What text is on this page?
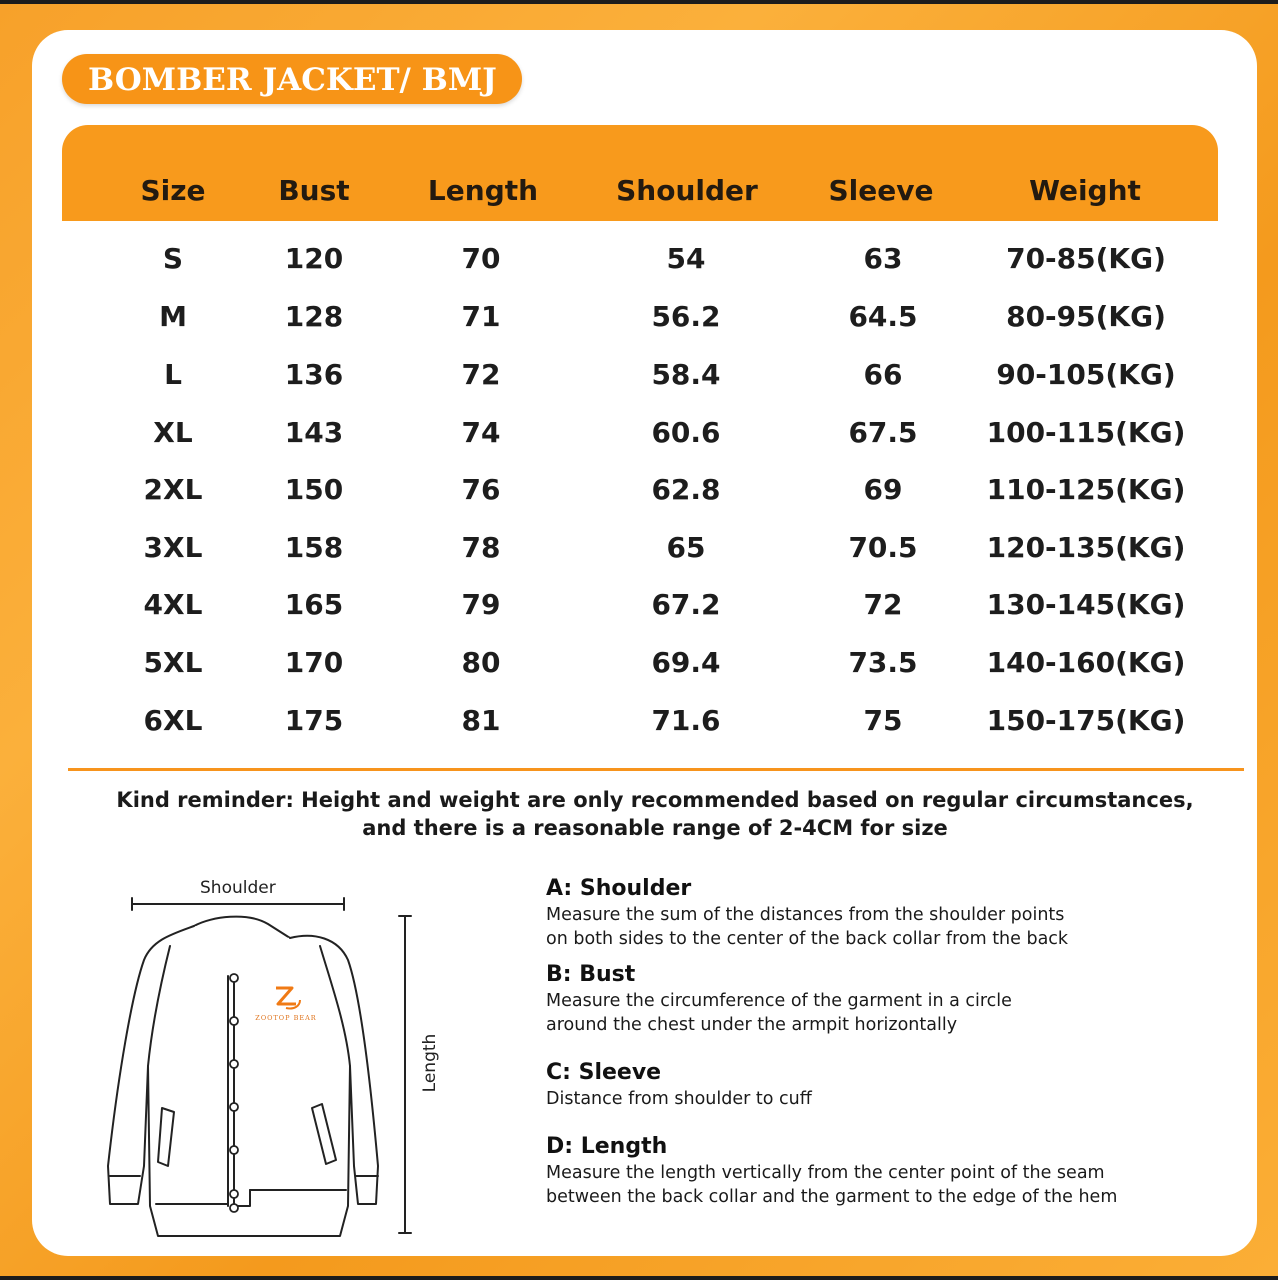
BOMBER JACKET/ BMJ
Size	Bust	Length	Shoulder	Sleeve	Weight
S	120	70	54	63	70-85(KG)
M	128	71	56.2	64.5	80-95(KG)
L	136	72	58.4	66	90-105(KG)
XL	143	74	60.6	67.5 100-115(KG)
2XL	150	76	62.8	69	110-125(KG)
3XL	158	78	65	70.5 120-135(KG)
4XL	165	79	67.2	72	130-145(KG)
5XL	170	80	69.4	73.5 140-160(KG)
6XL	175	81	71.6	75	150-175(KG)
Kind reminder: Height and weight are only recommended based on regular circumstances,
and there is a reasonable range of 2-4CM for size
Shoulder
Length
ZOOTOP BEAR
A: Shoulder
Measure the sum of the distances from the shoulder points
on both sides to the center of the back collar from the back
B: Bust
Measure the circumference of the garment in a circle
around the chest under the armpit horizontally
C: Sleeve
Distance from shoulder to cuff
D: Length
Measure the length vertically from the center point of the seam
between the back collar and the garment to the edge of the hem
